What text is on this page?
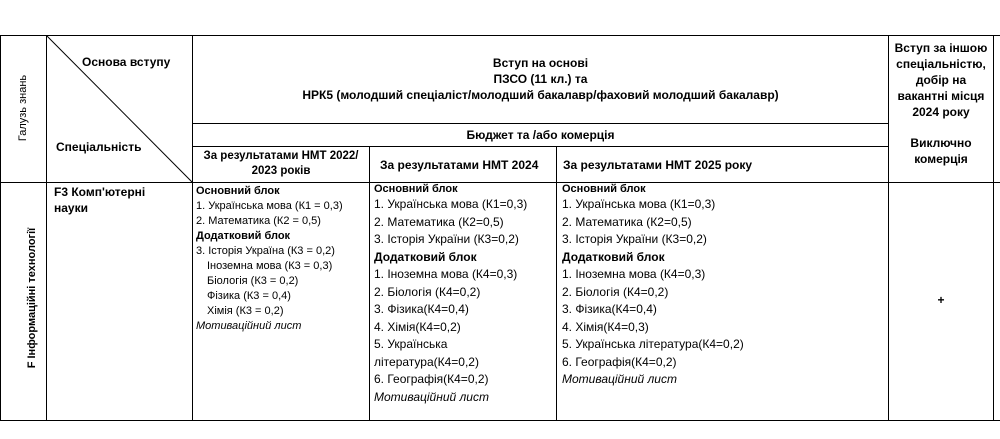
Галузь знань
Основа вступу
Спеціальність
Вступ на основі
ПЗСО (11 кл.) та
НРК5 (молодший спеціаліст/молодший бакалавр/фаховий молодший бакалавр)
Вступ за іншою
спеціальністю,
добір на
вакантні місця
2024 року
Бюджет та /або комерція
За результатами НМТ 2022/
2023 років	За результатами НМТ 2024 За результатами НМТ 2025 року
Виключно
комерція
F Інформаційні технології
F3 Комп'ютерні
науки
Основний блок
1. Українська мова (К1 = 0,3)
2. Математика (К2 = 0,5)
Додатковий блок
3. Історія Україна (К3 = 0,2)
Іноземна мова (К3 = 0,3)
Біологія (К3 = 0,2)
Фізика (К3 = 0,4)
Хімія (К3 = 0,2)
Мотиваційний лист
Основний блок
1. Українська мова (К1=0,3)
2. Математика (К2=0,5)
3. Історія України (К3=0,2)
Додатковий блок
1. Іноземна мова (К4=0,3)
2. Біологія (К4=0,2)
3. Фізика(К4=0,4)
4. Хімія(К4=0,2)
5. Українська
література(К4=0,2)
6. Географія(К4=0,2)
Мотиваційний лист
Основний блок
1. Українська мова (К1=0,3)
2. Математика (К2=0,5)
3. Історія України (К3=0,2)
Додатковий блок
1. Іноземна мова (К4=0,3)
2. Біологія (К4=0,2)
3. Фізика(К4=0,4)
4. Хімія(К4=0,3)
5. Українська література(К4=0,2)
6. Географія(К4=0,2)
Мотиваційний лист
+
